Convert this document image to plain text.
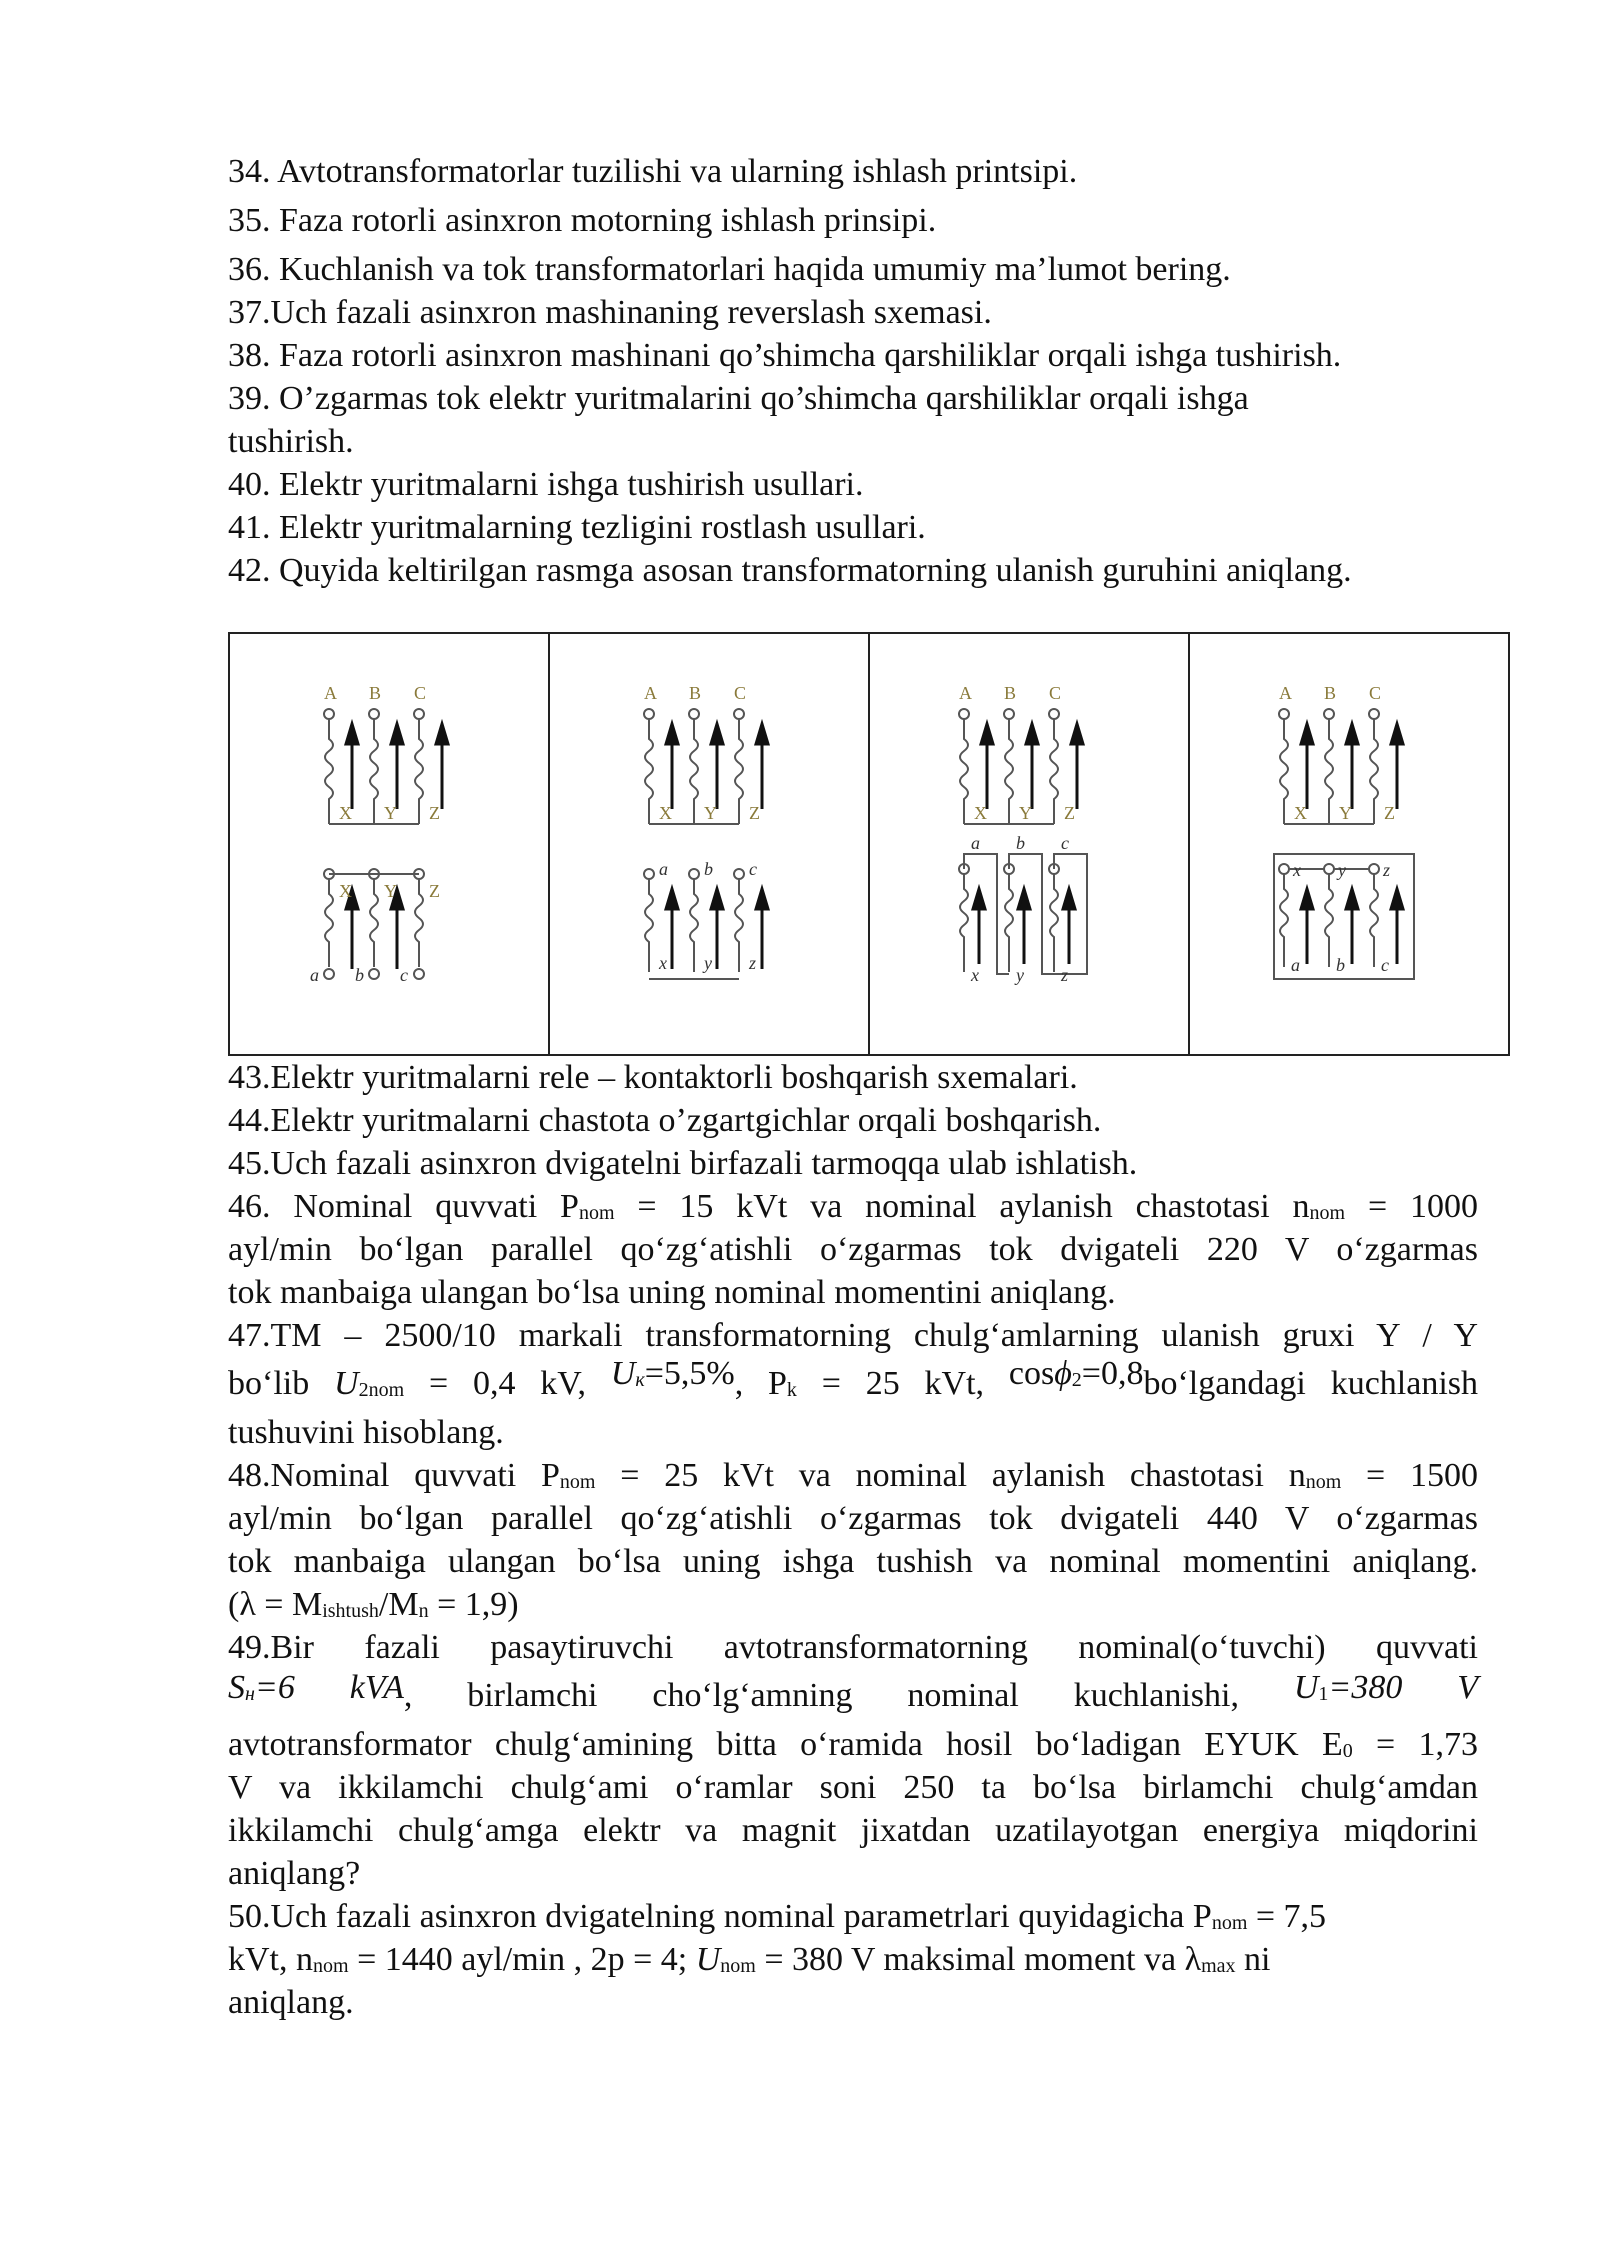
34. Avtotransformatorlar tuzilishi va ularning ishlash printsipi.
35. Faza rotorli asinxron motorning ishlash prinsipi.
36. Kuchlanish va tok transformatorlari haqida umumiy ma’lumot bering.
37.Uch fazali asinxron mashinaning reverslash sxemasi.
38. Faza rotorli asinxron mashinani qo’shimcha qarshiliklar orqali ishga tushirish.
39. O’zgarmas tok elektr yuritmalarini qo’shimcha qarshiliklar orqali ishga
tushirish.
40. Elektr yuritmalarni ishga tushirish usullari.
41. Elektr yuritmalarning tezligini rostlash usullari.
42. Quyida keltirilgan rasmga asosan transformatorning ulanish guruhini aniqlang.
A B C
X Y Z
X Y Z
a b c

A B C
X Y Z
a b c
x y z

A B C
X Y Z
a b c
x y z

A B C
X Y Z
x y z
a b c
43.Elektr yuritmalarni rele – kontaktorli boshqarish sxemalari.
44.Elektr yuritmalarni chastota o’zgartgichlar orqali boshqarish.
45.Uch fazali asinxron dvigatelni birfazali tarmoqqa ulab ishlatish.
46. Nominal quvvati $P_{nom} = 15$ kVt va nominal aylanish chastotasi $n_{nom} = 1000$
ayl/min bo‘lgan parallel qo‘zg‘atishli o‘zgarmas tok dvigateli 220 V o‘zgarmas
tok manbaiga ulangan bo‘lsa uning nominal momentini aniqlang.
47.TM – 2500/10 markali transformatorning chulg‘amlarning ulanish gruxi Y / Y
bo‘lib $U_{2nom} = 0,4$ kV, $U_к=5,5\%$, $P_k = 25$ kVt, cosϕ$_2$=0,8bo‘lgandagi kuchlanish
tushuvini hisoblang.
48.Nominal quvvati $P_{nom} = 25$ kVt va nominal aylanish chastotasi $n_{nom} = 1500$
ayl/min bo‘lgan parallel qo‘zg‘atishli o‘zgarmas tok dvigateli 440 V o‘zgarmas
tok manbaiga ulangan bo‘lsa uning ishga tushish va nominal momentini aniqlang.
$(\lambda = M_{ishtush}/M_n = 1,9)$
49.Bir fazali pasaytiruvchi avtotransformatorning nominal(o‘tuvchi) quvvati
$S_н=6$ kVA, birlamchi cho‘lg‘amning nominal kuchlanishi, $U_1=380$ V
avtotransformator chulg‘amining bitta o‘ramida hosil bo‘ladigan EYUK $E_0 = 1,73$
V va ikkilamchi chulg‘ami o‘ramlar soni 250 ta bo‘lsa birlamchi chulg‘amdan
ikkilamchi chulg‘amga elektr va magnit jixatdan uzatilayotgan energiya miqdorini
aniqlang?
50.Uch fazali asinxron dvigatelning nominal parametrlari quyidagicha $P_{nom} = 7,5$
kVt, $n_{nom} = 1440$ ayl/min , 2p = 4; $U_{nom} = 380$ V maksimal moment va $\lambda_{max}$ ni
aniqlang.
